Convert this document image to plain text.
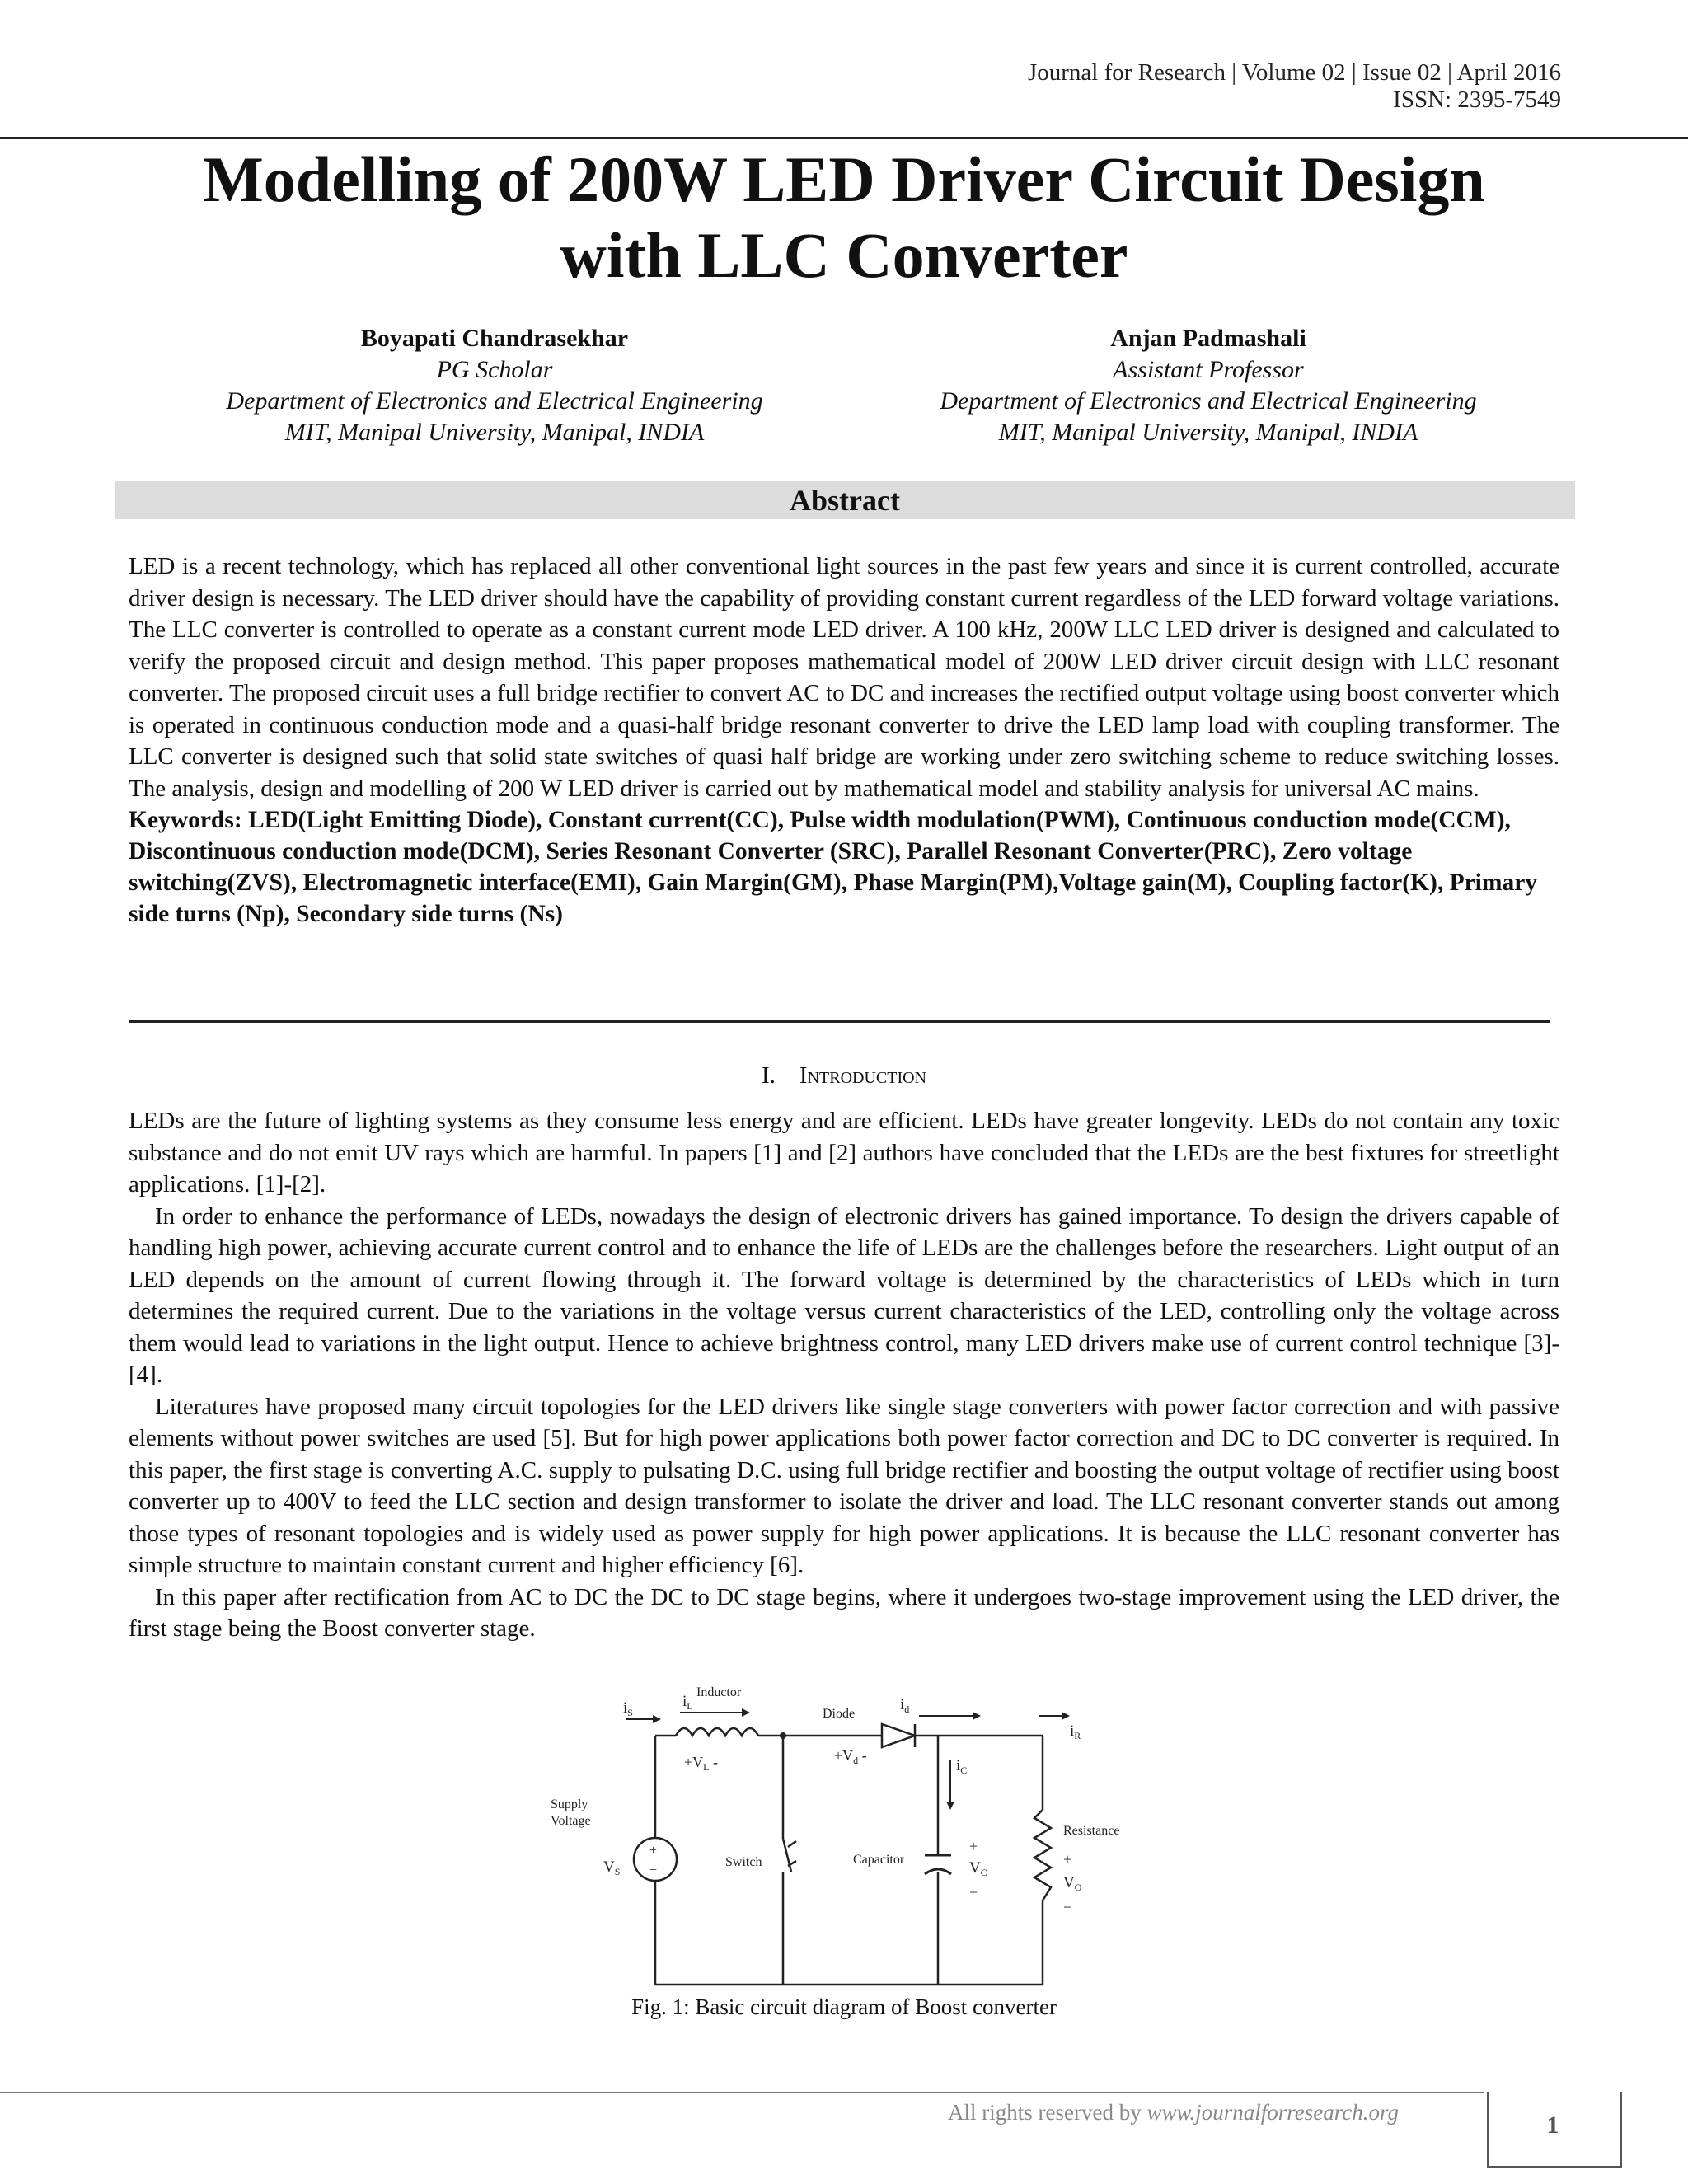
Journal for Research | Volume 02 | Issue 02 | April 2016
ISSN: 2395-7549
Modelling of 200W LED Driver Circuit Design
with LLC Converter
Boyapati Chandrasekhar
PG Scholar
Department of Electronics and Electrical Engineering
MIT, Manipal University, Manipal, INDIA
Anjan Padmashali
Assistant Professor
Department of Electronics and Electrical Engineering
MIT, Manipal University, Manipal, INDIA
Abstract

LED is a recent technology, which has replaced all other conventional light sources in the past few years and since it is current controlled, accurate driver design is necessary. The LED driver should have the capability of providing constant current regardless of the LED forward voltage variations. The LLC converter is controlled to operate as a constant current mode LED driver. A 100 kHz, 200W LLC LED driver is designed and calculated to verify the proposed circuit and design method. This paper proposes mathematical model of 200W LED driver circuit design with LLC resonant converter. The proposed circuit uses a full bridge rectifier to convert AC to DC and increases the rectified output voltage using boost converter which is operated in continuous conduction mode and a quasi-half bridge resonant converter to drive the LED lamp load with coupling transformer. The LLC converter is designed such that solid state switches of quasi half bridge are working under zero switching scheme to reduce switching losses. The analysis, design and modelling of 200 W LED driver is carried out by mathematical model and stability analysis for universal AC mains.

Keywords: LED(Light Emitting Diode), Constant current(CC), Pulse width modulation(PWM), Continuous conduction mode(CCM), Discontinuous conduction mode(DCM), Series Resonant Converter (SRC), Parallel Resonant Converter(PRC), Zero voltage switching(ZVS), Electromagnetic interface(EMI), Gain Margin(GM), Phase Margin(PM),Voltage gain(M), Coupling factor(K), Primary side turns (Np), Secondary side turns (Ns)

I. Introduction

LEDs are the future of lighting systems as they consume less energy and are efficient. LEDs have greater longevity. LEDs do not contain any toxic substance and do not emit UV rays which are harmful. In papers [1] and [2] authors have concluded that the LEDs are the best fixtures for streetlight applications. [1]-[2].

In order to enhance the performance of LEDs, nowadays the design of electronic drivers has gained importance. To design the drivers capable of handling high power, achieving accurate current control and to enhance the life of LEDs are the challenges before the researchers. Light output of an LED depends on the amount of current flowing through it. The forward voltage is determined by the characteristics of LEDs which in turn determines the required current. Due to the variations in the voltage versus current characteristics of the LED, controlling only the voltage across them would lead to variations in the light output. Hence to achieve brightness control, many LED drivers make use of current control technique [3]-[4].

Literatures have proposed many circuit topologies for the LED drivers like single stage converters with power factor correction and with passive elements without power switches are used [5]. But for high power applications both power factor correction and DC to DC converter is required. In this paper, the first stage is converting A.C. supply to pulsating D.C. using full bridge rectifier and boosting the output voltage of rectifier using boost converter up to 400V to feed the LLC section and design transformer to isolate the driver and load. The LLC resonant converter stands out among those types of resonant topologies and is widely used as power supply for high power applications. It is because the LLC resonant converter has simple structure to maintain constant current and higher efficiency [6].

In this paper after rectification from AC to DC the DC to DC stage begins, where it undergoes two-stage improvement using the LED driver, the first stage being the Boost converter stage.

Inductor
Diode
Supply
Voltage
Switch	Capacitor
Resistance
$i_S$
$i_L$	$i_d$
$i_C$
$i_R$
$+V_L$ -	$+V_d$ -
$V_S$
+
−
+
$V_C$
−
+
$V_O$
−
Fig. 1: Basic circuit diagram of Boost converter
All rights reserved by www.journalforresearch.org	1
